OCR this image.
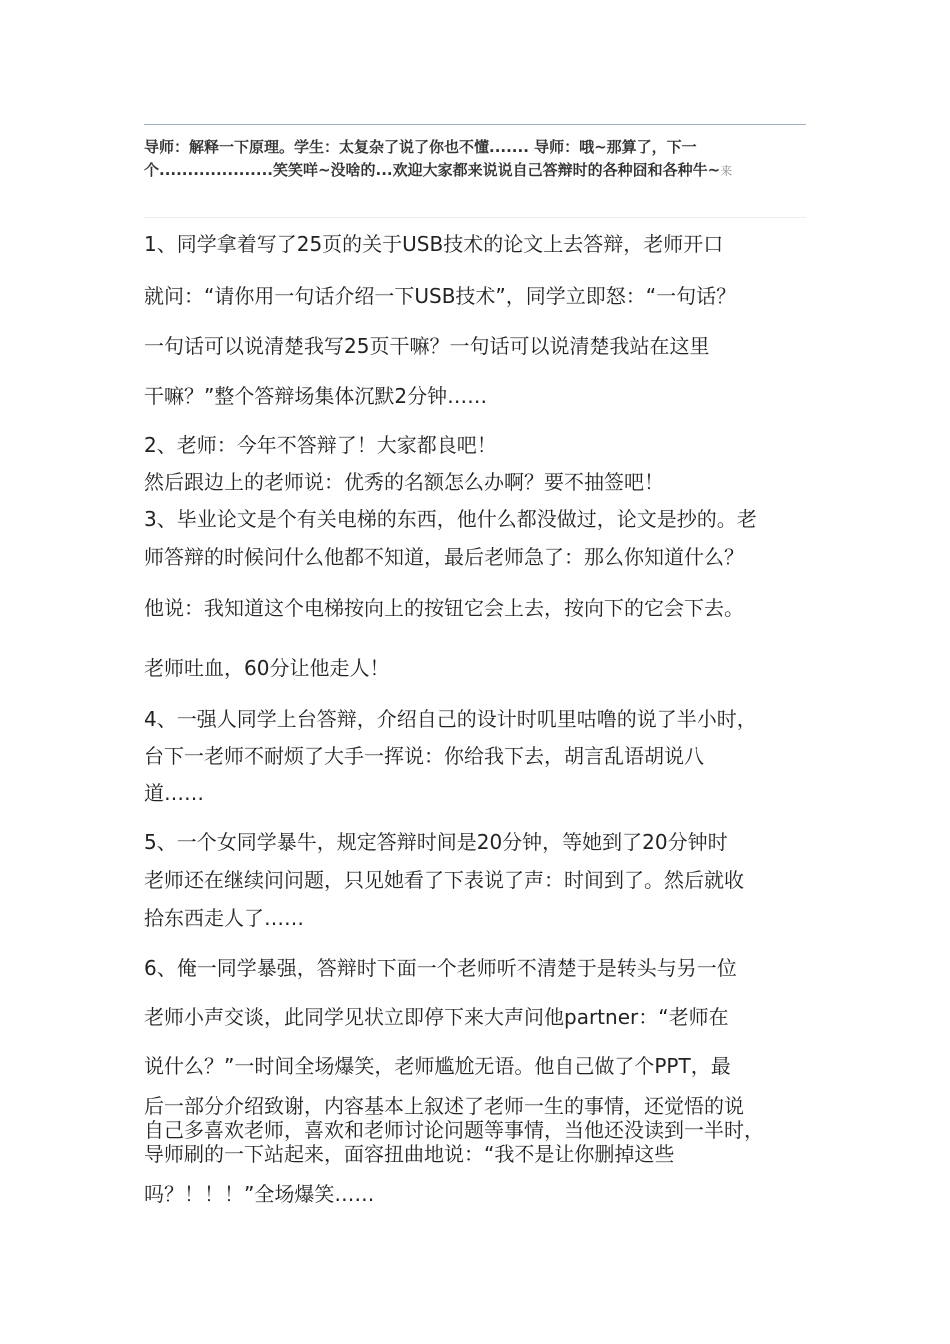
导师：解释一下原理。学生：太复杂了说了你也不懂....... 导师：哦~那算了，下一个....................笑笑咩~没啥的...欢迎大家都来说说自己答辩时的各种囧和各种牛~来
1、同学拿着写了25页的关于USB技术的论文上去答辩，老师开口
就问：“请你用一句话介绍一下USB技术”，同学立即怒：“一句话？
一句话可以说清楚我写25页干嘛？一句话可以说清楚我站在这里
干嘛？”整个答辩场集体沉默2分钟……
2、老师：今年不答辩了！大家都良吧！
然后跟边上的老师说：优秀的名额怎么办啊？要不抽签吧！
3、毕业论文是个有关电梯的东西，他什么都没做过，论文是抄的。老
师答辩的时候问什么他都不知道，最后老师急了：那么你知道什么？
他说：我知道这个电梯按向上的按钮它会上去，按向下的它会下去。
老师吐血，60分让他走人！
4、一强人同学上台答辩，介绍自己的设计时叽里咕噜的说了半小时，
台下一老师不耐烦了大手一挥说：你给我下去，胡言乱语胡说八
道……
5、一个女同学暴牛，规定答辩时间是20分钟，等她到了20分钟时
老师还在继续问问题，只见她看了下表说了声：时间到了。然后就收
拾东西走人了……
6、俺一同学暴强，答辩时下面一个老师听不清楚于是转头与另一位
老师小声交谈，此同学见状立即停下来大声问他partner：“老师在
说什么？”一时间全场爆笑，老师尴尬无语。他自己做了个PPT，最
后一部分介绍致谢，内容基本上叙述了老师一生的事情，还觉悟的说
自己多喜欢老师，喜欢和老师讨论问题等事情，当他还没读到一半时，
导师刷的一下站起来，面容扭曲地说：“我不是让你删掉这些
吗？！！！”全场爆笑……
